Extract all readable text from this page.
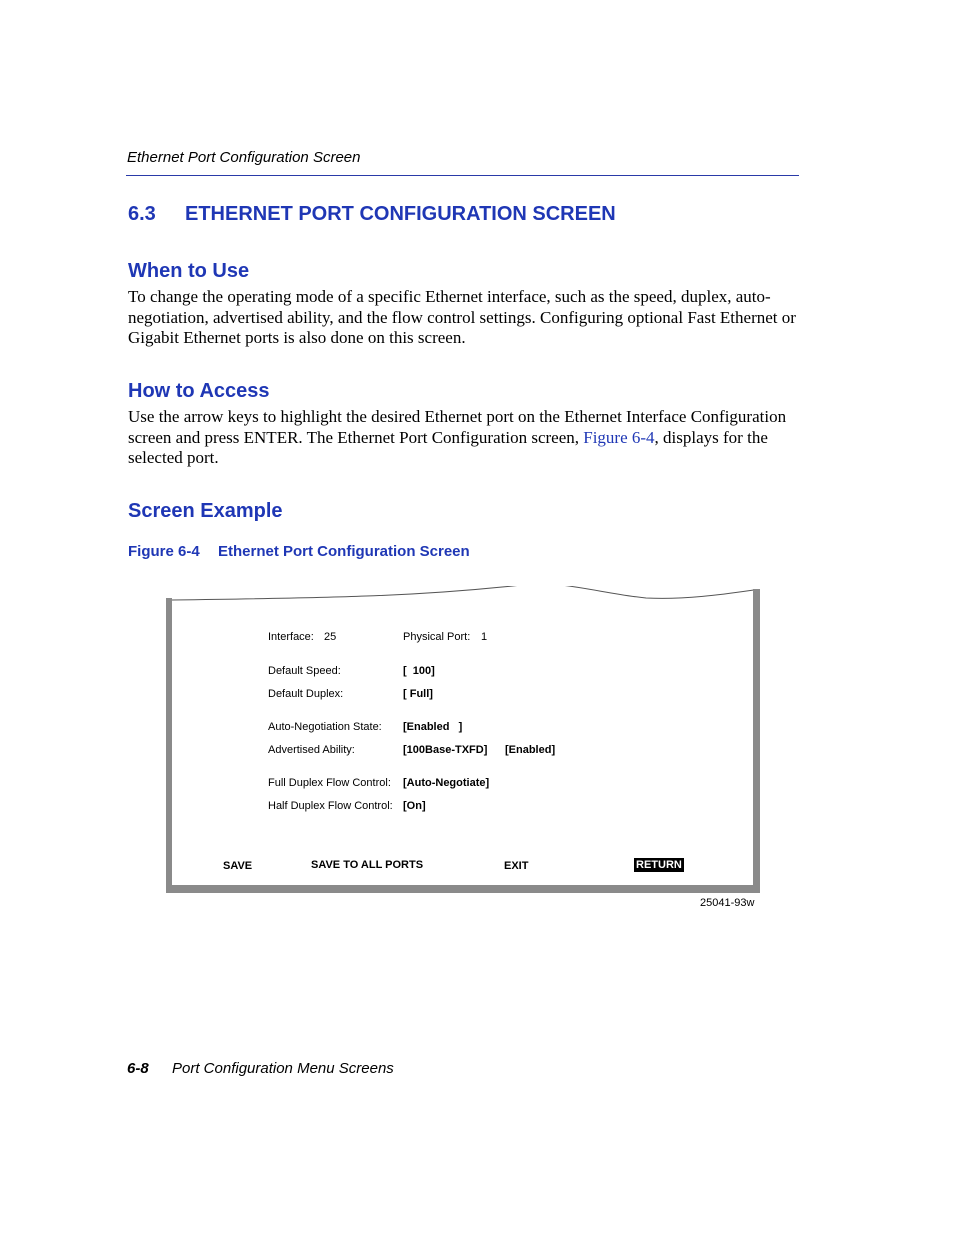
Ethernet Port Configuration Screen
6.3 ETHERNET PORT CONFIGURATION SCREEN
When to Use
To change the operating mode of a specific Ethernet interface, such as the speed, duplex, auto-negotiation, advertised ability, and the flow control settings. Configuring optional Fast Ethernet or Gigabit Ethernet ports is also done on this screen.
How to Access
Use the arrow keys to highlight the desired Ethernet port on the Ethernet Interface Configuration screen and press ENTER. The Ethernet Port Configuration screen, Figure 6-4, displays for the selected port.
Screen Example
Figure 6-4 Ethernet Port Configuration Screen
Interface: 25	Physical Port: 1
Default Speed:	[  100]
Default Duplex:	[ Full]
Auto-Negotiation State: [Enabled   ]
Advertised Ability:	[100Base-TXFD] [Enabled]
Full Duplex Flow Control: [Auto-Negotiate]
Half Duplex Flow Control: [On]
SAVE	SAVE TO ALL PORTS	EXIT	RETURN
25041-93w
6-8 Port Configuration Menu Screens
